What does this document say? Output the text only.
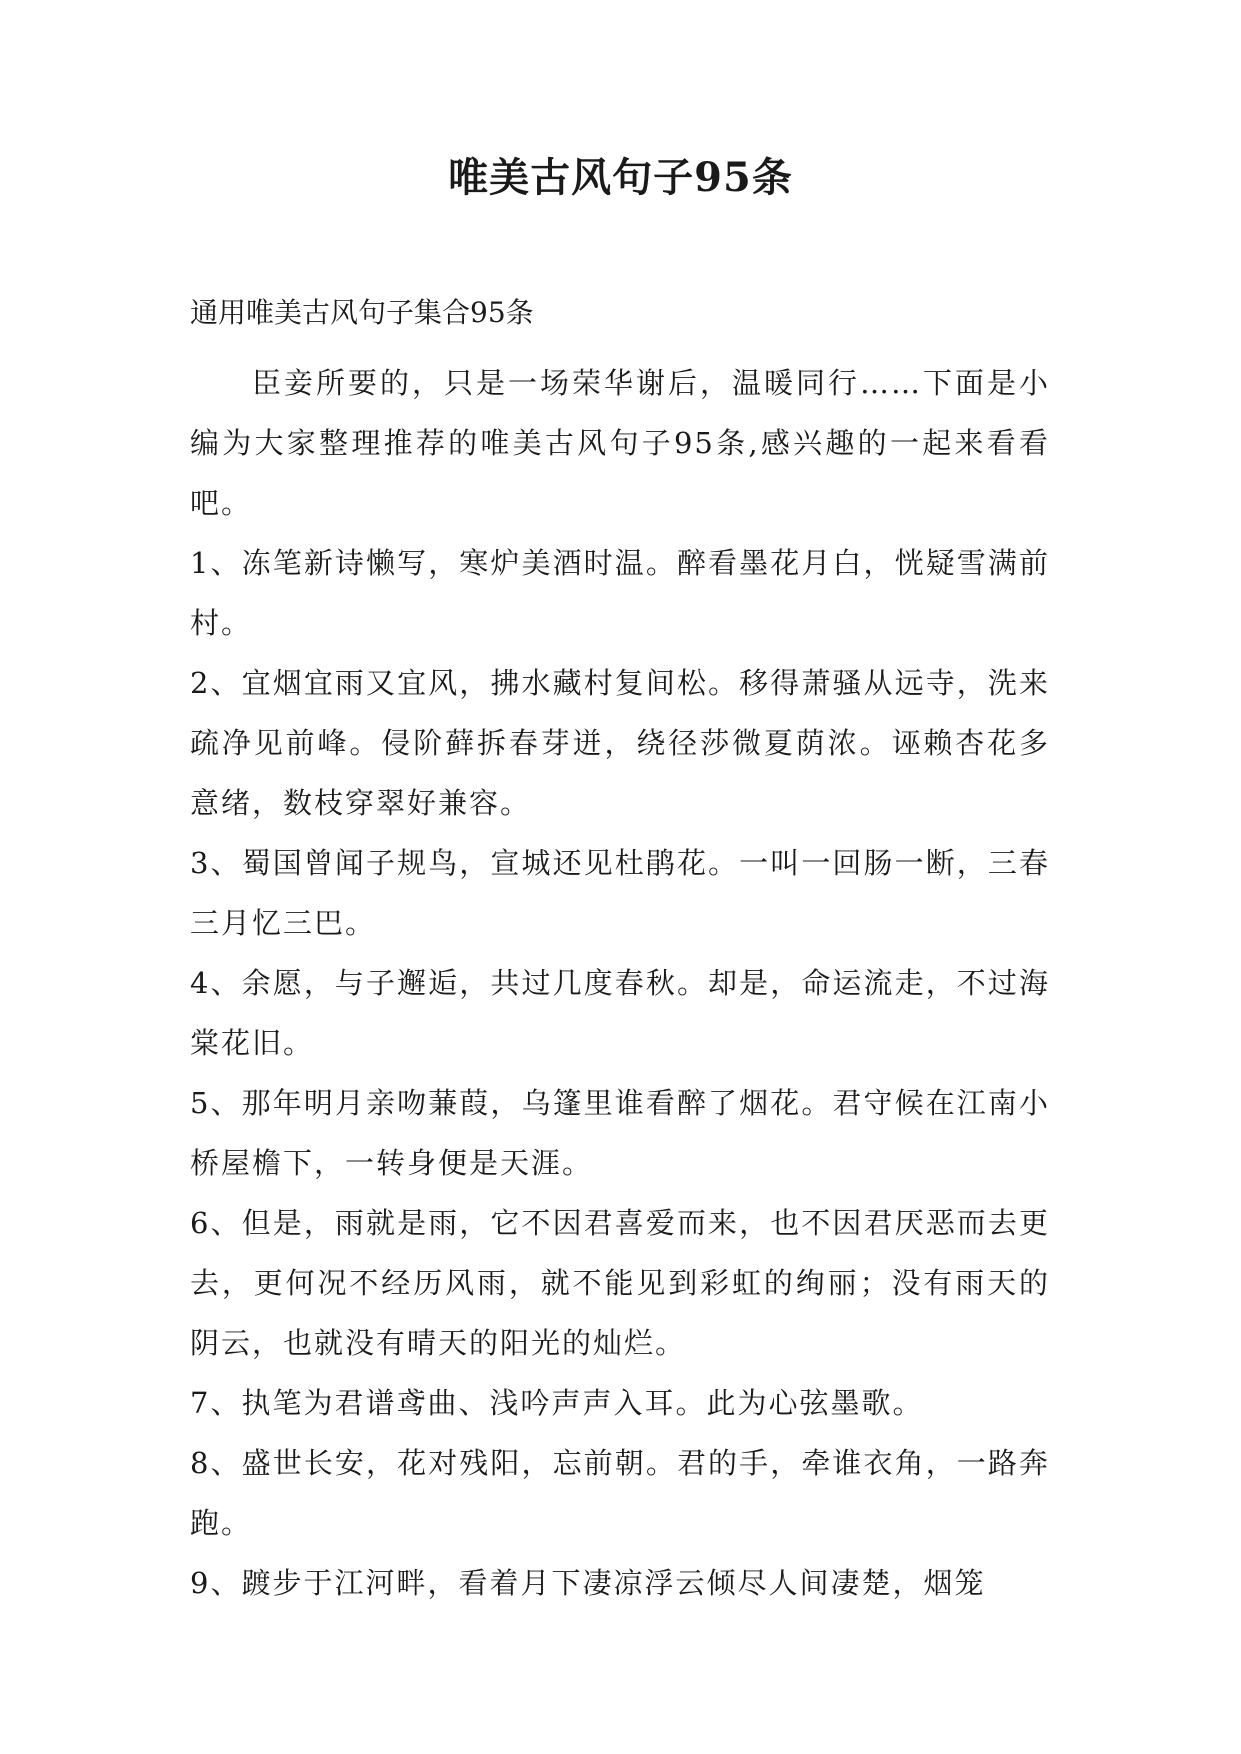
唯美古风句子95条
通用唯美古风句子集合95条

臣妾所要的，只是一场荣华谢后，温暖同行……下面是小编为大家整理推荐的唯美古风句子95条,感兴趣的一起来看看吧。

1、冻笔新诗懒写，寒炉美酒时温。醉看墨花月白，恍疑雪满前村。

2、宜烟宜雨又宜风，拂水藏村复间松。移得萧骚从远寺，洗来疏净见前峰。侵阶藓拆春芽迸，绕径莎微夏荫浓。诬赖杏花多意绪，数枝穿翠好兼容。

3、蜀国曾闻子规鸟，宣城还见杜鹃花。一叫一回肠一断，三春三月忆三巴。

4、余愿，与子邂逅，共过几度春秋。却是，命运流走，不过海棠花旧。

5、那年明月亲吻蒹葭，乌篷里谁看醉了烟花。君守候在江南小桥屋檐下，一转身便是天涯。

6、但是，雨就是雨，它不因君喜爱而来，也不因君厌恶而去更去，更何况不经历风雨，就不能见到彩虹的绚丽；没有雨天的阴云，也就没有晴天的阳光的灿烂。

7、执笔为君谱鸢曲、浅吟声声入耳。此为心弦墨歌。

8、盛世长安，花对残阳，忘前朝。君的手，牵谁衣角，一路奔跑。

9、踱步于江河畔，看着月下凄凉浮云倾尽人间凄楚，烟笼
